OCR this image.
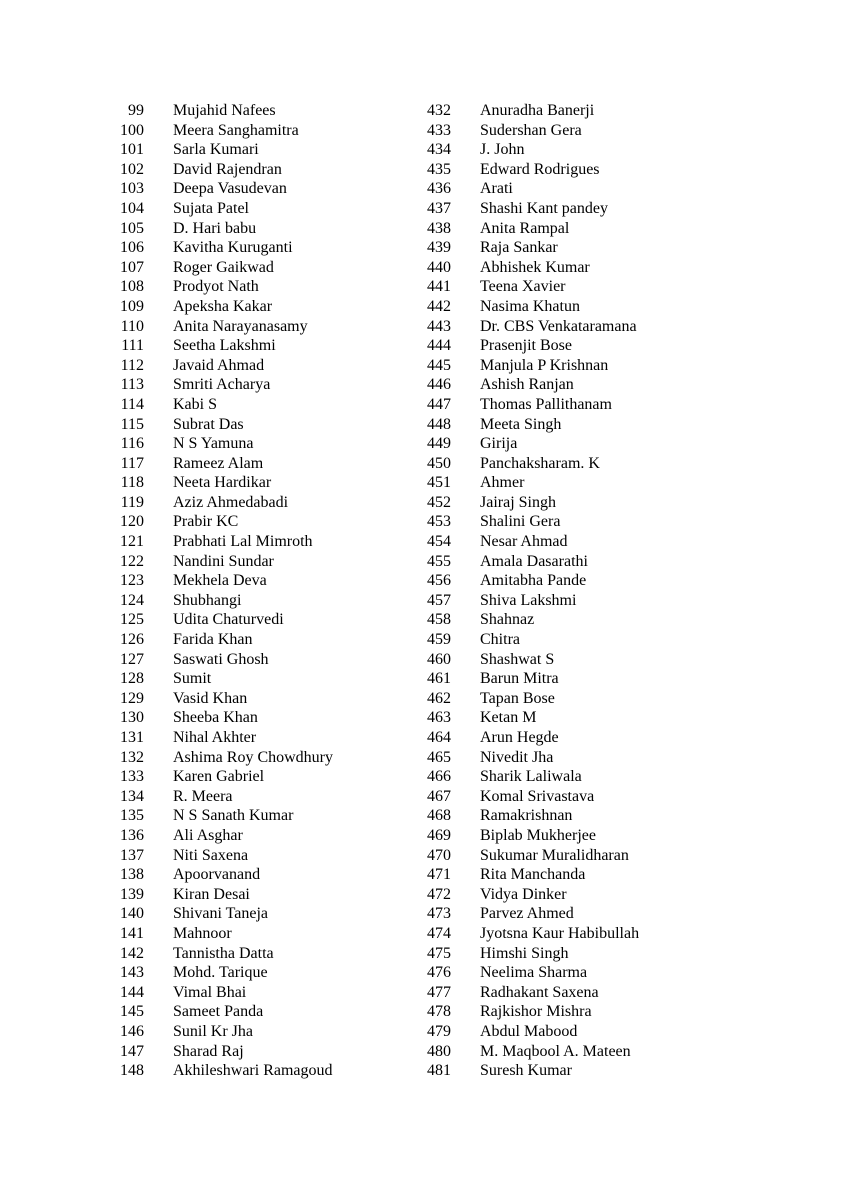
99 Mujahid Nafees
100 Meera Sanghamitra
101 Sarla Kumari
102 David Rajendran
103 Deepa Vasudevan
104 Sujata Patel
105 D. Hari babu
106 Kavitha Kuruganti
107 Roger Gaikwad
108 Prodyot Nath
109 Apeksha Kakar
110 Anita Narayanasamy
111 Seetha Lakshmi
112 Javaid Ahmad
113 Smriti Acharya
114 Kabi S
115 Subrat Das
116 N S Yamuna
117 Rameez Alam
118 Neeta Hardikar
119 Aziz Ahmedabadi
120 Prabir KC
121 Prabhati Lal Mimroth
122 Nandini Sundar
123 Mekhela Deva
124 Shubhangi
125 Udita Chaturvedi
126 Farida Khan
127 Saswati Ghosh
128 Sumit
129 Vasid Khan
130 Sheeba Khan
131 Nihal Akhter
132 Ashima Roy Chowdhury
133 Karen Gabriel
134 R. Meera
135 N S Sanath Kumar
136 Ali Asghar
137 Niti Saxena
138 Apoorvanand
139 Kiran Desai
140 Shivani Taneja
141 Mahnoor
142 Tannistha Datta
143 Mohd. Tarique
144 Vimal Bhai
145 Sameet Panda
146 Sunil Kr Jha
147 Sharad Raj
148 Akhileshwari Ramagoud
432 Anuradha Banerji
433 Sudershan Gera
434 J. John
435 Edward Rodrigues
436 Arati
437 Shashi Kant pandey
438 Anita Rampal
439 Raja Sankar
440 Abhishek Kumar
441 Teena Xavier
442 Nasima Khatun
443 Dr. CBS Venkataramana
444 Prasenjit Bose
445 Manjula P Krishnan
446 Ashish Ranjan
447 Thomas Pallithanam
448 Meeta Singh
449 Girija
450 Panchaksharam. K
451 Ahmer
452 Jairaj Singh
453 Shalini Gera
454 Nesar Ahmad
455 Amala Dasarathi
456 Amitabha Pande
457 Shiva Lakshmi
458 Shahnaz
459 Chitra
460 Shashwat S
461 Barun Mitra
462 Tapan Bose
463 Ketan M
464 Arun Hegde
465 Nivedit Jha
466 Sharik Laliwala
467 Komal Srivastava
468 Ramakrishnan
469 Biplab Mukherjee
470 Sukumar Muralidharan
471 Rita Manchanda
472 Vidya Dinker
473 Parvez Ahmed
474 Jyotsna Kaur Habibullah
475 Himshi Singh
476 Neelima Sharma
477 Radhakant Saxena
478 Rajkishor Mishra
479 Abdul Mabood
480 M. Maqbool A. Mateen
481 Suresh Kumar
